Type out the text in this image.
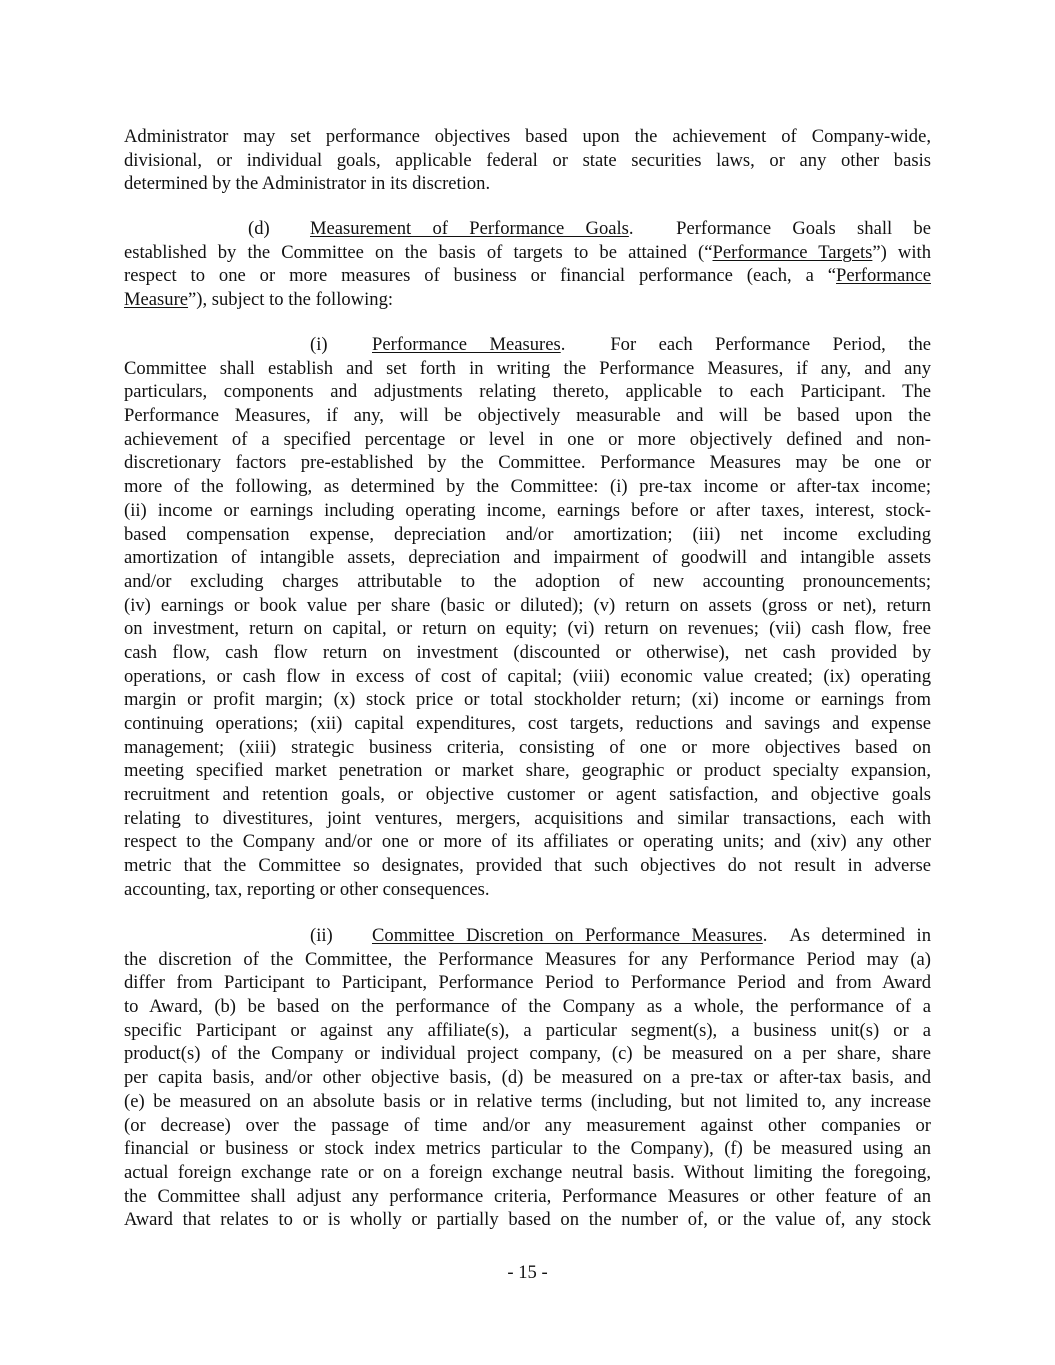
Administrator may set performance objectives based upon the achievement of Company-wide,
divisional, or individual goals, applicable federal or state securities laws, or any other basis
determined by the Administrator in its discretion.
(d) Measurement of Performance Goals. Performance Goals shall be
established by the Committee on the basis of targets to be attained (“Performance Targets”) with
respect to one or more measures of business or financial performance (each, a “Performance
Measure”), subject to the following:
(i) Performance Measures. For each Performance Period, the
Committee shall establish and set forth in writing the Performance Measures, if any, and any
particulars, components and adjustments relating thereto, applicable to each Participant. The
Performance Measures, if any, will be objectively measurable and will be based upon the
achievement of a specified percentage or level in one or more objectively defined and non-
discretionary factors pre-established by the Committee. Performance Measures may be one or
more of the following, as determined by the Committee: (i) pre-tax income or after-tax income;
(ii) income or earnings including operating income, earnings before or after taxes, interest, stock-
based compensation expense, depreciation and/or amortization; (iii) net income excluding
amortization of intangible assets, depreciation and impairment of goodwill and intangible assets
and/or excluding charges attributable to the adoption of new accounting pronouncements;
(iv) earnings or book value per share (basic or diluted); (v) return on assets (gross or net), return
on investment, return on capital, or return on equity; (vi) return on revenues; (vii) cash flow, free
cash flow, cash flow return on investment (discounted or otherwise), net cash provided by
operations, or cash flow in excess of cost of capital; (viii) economic value created; (ix) operating
margin or profit margin; (x) stock price or total stockholder return; (xi) income or earnings from
continuing operations; (xii) capital expenditures, cost targets, reductions and savings and expense
management; (xiii) strategic business criteria, consisting of one or more objectives based on
meeting specified market penetration or market share, geographic or product specialty expansion,
recruitment and retention goals, or objective customer or agent satisfaction, and objective goals
relating to divestitures, joint ventures, mergers, acquisitions and similar transactions, each with
respect to the Company and/or one or more of its affiliates or operating units; and (xiv) any other
metric that the Committee so designates, provided that such objectives do not result in adverse
accounting, tax, reporting or other consequences.
(ii) Committee Discretion on Performance Measures. As determined in
the discretion of the Committee, the Performance Measures for any Performance Period may (a)
differ from Participant to Participant, Performance Period to Performance Period and from Award
to Award, (b) be based on the performance of the Company as a whole, the performance of a
specific Participant or against any affiliate(s), a particular segment(s), a business unit(s) or a
product(s) of the Company or individual project company, (c) be measured on a per share, share
per capita basis, and/or other objective basis, (d) be measured on a pre-tax or after-tax basis, and
(e) be measured on an absolute basis or in relative terms (including, but not limited to, any increase
(or decrease) over the passage of time and/or any measurement against other companies or
financial or business or stock index metrics particular to the Company), (f) be measured using an
actual foreign exchange rate or on a foreign exchange neutral basis. Without limiting the foregoing,
the Committee shall adjust any performance criteria, Performance Measures or other feature of an
Award that relates to or is wholly or partially based on the number of, or the value of, any stock
- 15 -
